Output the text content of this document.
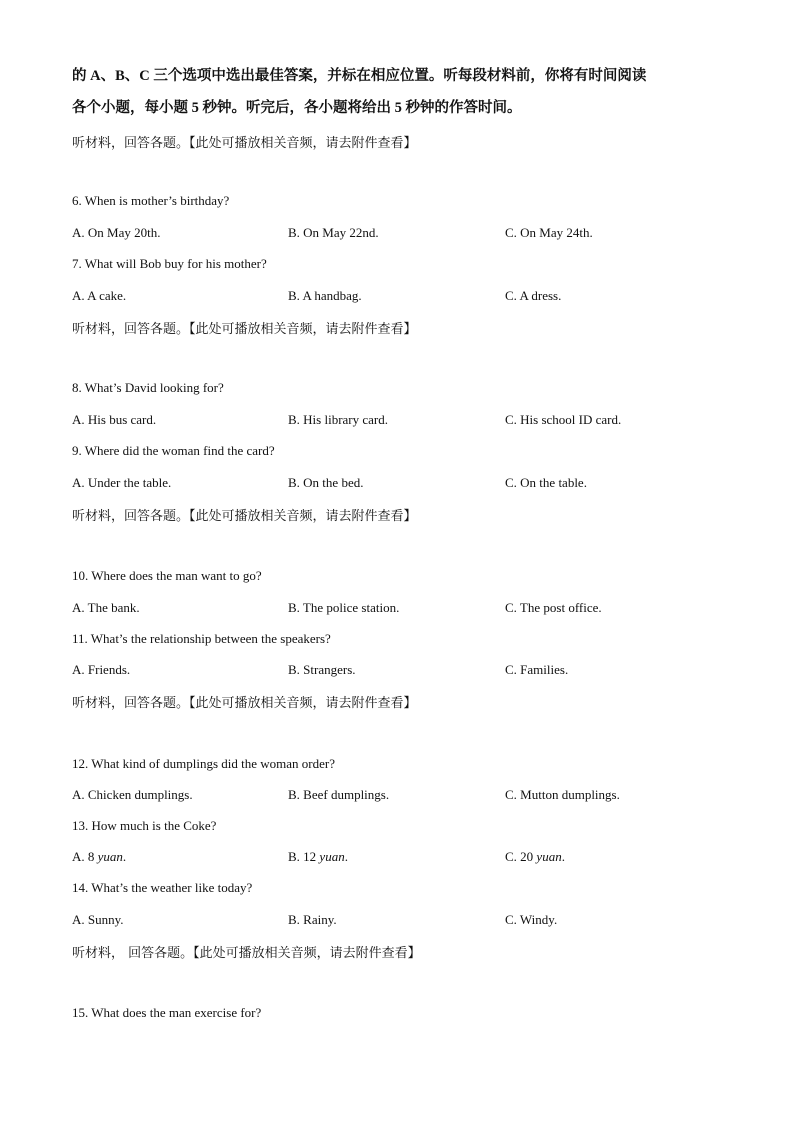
的 A、B、C 三个选项中选出最佳答案，并标在相应位置。听每段材料前，你将有时间阅读
各个小题，每小题 5 秒钟。听完后，各小题将给出 5 秒钟的作答时间。
听材料，回答各题。【此处可播放相关音频，请去附件查看】
6. When is mother’s birthday?
A. On May 20th.	B. On May 22nd.	C. On May 24th.
7. What will Bob buy for his mother?
A. A cake.	B. A handbag.	C. A dress.
听材料，回答各题。【此处可播放相关音频，请去附件查看】
8. What’s David looking for?
A. His bus card.	B. His library card.	C. His school ID card.
9. Where did the woman find the card?
A. Under the table.	B. On the bed.	C. On the table.
听材料，回答各题。【此处可播放相关音频，请去附件查看】
10. Where does the man want to go?
A. The bank.	B. The police station.	C. The post office.
11. What’s the relationship between the speakers?
A. Friends.	B. Strangers.	C. Families.
听材料，回答各题。【此处可播放相关音频，请去附件查看】
12. What kind of dumplings did the woman order?
A. Chicken dumplings.	B. Beef dumplings.	C. Mutton dumplings.
13. How much is the Coke?
A. 8 yuan.	B. 12 yuan.	C. 20 yuan.
14. What’s the weather like today?
A. Sunny.	B. Rainy.	C. Windy.
听材料， 回答各题。【此处可播放相关音频，请去附件查看】
15. What does the man exercise for?
